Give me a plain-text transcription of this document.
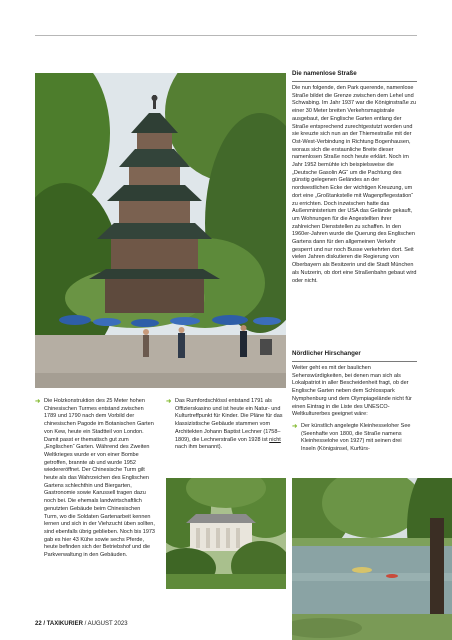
Die namenlose Straße

Die nun folgende, den Park querende, namenlose Straße bildet die Grenze zwischen dem Lehel und Schwabing. Im Jahr 1937 war die Königinstraße zu einer 30 Meter breiten Verkehrsmagistrale ausgebaut, der Englische Garten entlang der Straße entsprechend zurechtgestutzt worden und sie kreuzte sich nun an der Thiemestraße mit der Ost-West-Verbindung in Richtung Bogenhausen, woraus sich die erstaunliche Breite dieser namenlosen Straße noch heute erklärt. Noch im Jahr 1952 bemühte ich beispielsweise die „Deutsche Gasolin AG“ um die Pachtung des günstig gelegenen Geländes an der nordwestlichen Ecke der wichtigen Kreuzung, um dort eine „Großtankstelle mit Wagenpflegestation“ zu errichten. Doch inzwischen hatte das Außenministerium der USA das Gelände gekauft, um Wohnungen für die Angestellten ihrer zahlreichen Dienststellen zu schaffen. In den 1960er-Jahren wurde die Querung des Englischen Gartens dann für den allgemeinen Verkehr gesperrt und nur noch Busse verkehrten dort. Seit vielen Jahren diskutieren die Regierung von Oberbayern als Besitzerin und die Stadt München als Nutzerin, ob dort eine Straßenbahn gebaut wird oder nicht.

Nördlicher Hirschanger

Weiter geht es mit der baulichen Sehenswürdigkeiten, bei denen man sich als Lokalpatriot in aller Bescheidenheit fragt, ob der Englische Garten neben dem Schlosspark Nymphenburg und dem Olympiagelände nicht für einen Eintrag in die Liste des UNESCO-Weltkulturerbes geeignet wäre:

➜ Der künstlich angelegte Kleinhesseloher See (Seenhafte von 1800, die Straße namens Kleinhesselohe von 1927) mit seinen drei Inseln (Königsinsel, Kurfürs-

➜ Die Holzkonstruktion des 25 Meter hohen Chinesischen Turmes entstand zwischen 1789 und 1790 nach dem Vorbild der chinesischen Pagode im Botanischen Garten von Kew, heute ein Stadtteil von London. Damit passt er thematisch gut zum „Englischen“ Garten. Während des Zweiten Weltkrieges wurde er von einer Bombe getroffen, brannte ab und wurde 1952 wiedereröffnet. Der Chinesische Turm gilt heute als das Wahrzeichen des Englischen Gartens schlechthin und Biergarten, Gastronomie sowie Karussell tragen dazu noch bei. Die ehemals landwirtschaftlich genutzten Gebäude beim Chinesischen Turm, wo die Soldaten Gartenarbeit kennen lernen und sich in der Viehzucht üben sollten, sind ebenfalls übrig geblieben. Noch bis 1973 gab es hier 43 Kühe sowie sechs Pferde, heute befinden sich der Betriebshof und die Parkverwaltung in den Gebäuden.

➜ Das Rumfordschlössl entstand 1791 als Offizierskasino und ist heute ein Natur- und Kulturtreffpunkt für Kinder. Die Pläne für das klassizistische Gebäude stammen vom Architekten Johann Baptist Lechner (1758–1809), die Lechnerstraße von 1928 ist nicht nach ihm benannt).

22 / TAXIKURIER / AUGUST 2023
